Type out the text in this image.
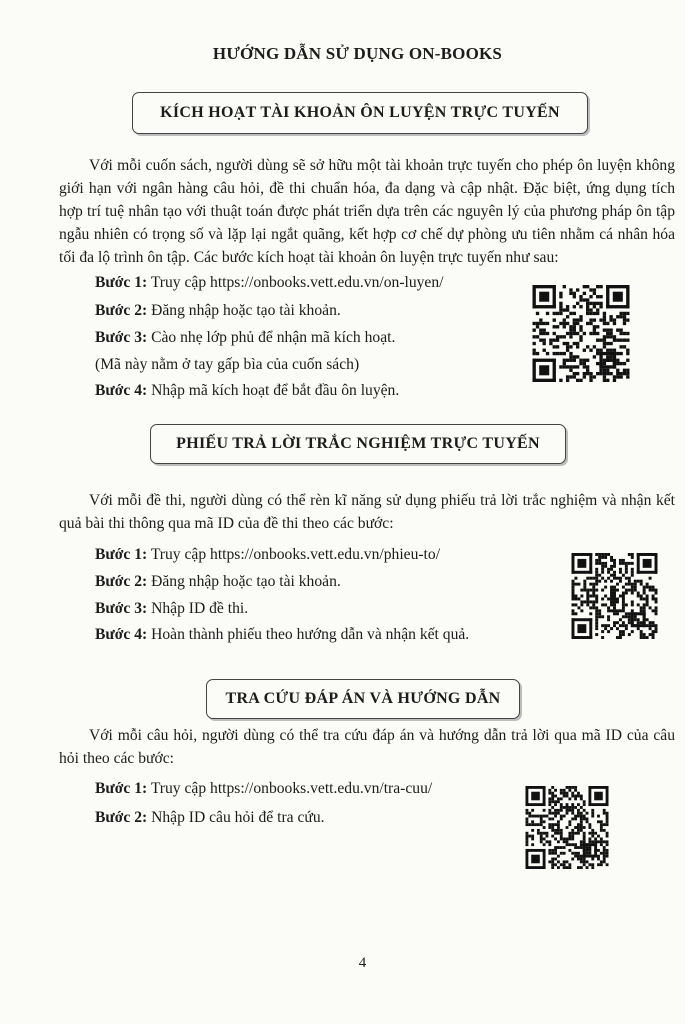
HƯỚNG DẪN SỬ DỤNG ON-BOOKS
KÍCH HOẠT TÀI KHOẢN ÔN LUYỆN TRỰC TUYẾN

Với mỗi cuốn sách, người dùng sẽ sở hữu một tài khoản trực tuyến cho phép ôn luyện không giới hạn với ngân hàng câu hỏi, đề thi chuẩn hóa, đa dạng và cập nhật. Đặc biệt, ứng dụng tích hợp trí tuệ nhân tạo với thuật toán được phát triển dựa trên các nguyên lý của phương pháp ôn tập ngẫu nhiên có trọng số và lặp lại ngắt quãng, kết hợp cơ chế dự phòng ưu tiên nhằm cá nhân hóa tối đa lộ trình ôn tập. Các bước kích hoạt tài khoản ôn luyện trực tuyến như sau:

Bước 1: Truy cập https://onbooks.vett.edu.vn/on-luyen/
Bước 2: Đăng nhập hoặc tạo tài khoản.
Bước 3: Cào nhẹ lớp phủ để nhận mã kích hoạt.
(Mã này nằm ở tay gấp bìa của cuốn sách)
Bước 4: Nhập mã kích hoạt để bắt đầu ôn luyện.
PHIẾU TRẢ LỜI TRẮC NGHIỆM TRỰC TUYẾN

Với mỗi đề thi, người dùng có thể rèn kĩ năng sử dụng phiếu trả lời trắc nghiệm và nhận kết quả bài thi thông qua mã ID của đề thi theo các bước:

Bước 1: Truy cập https://onbooks.vett.edu.vn/phieu-to/
Bước 2: Đăng nhập hoặc tạo tài khoản.
Bước 3: Nhập ID đề thi.
Bước 4: Hoàn thành phiếu theo hướng dẫn và nhận kết quả.
TRA CỨU ĐÁP ÁN VÀ HƯỚNG DẪN

Với mỗi câu hỏi, người dùng có thể tra cứu đáp án và hướng dẫn trả lời qua mã ID của câu hỏi theo các bước:

Bước 1: Truy cập https://onbooks.vett.edu.vn/tra-cuu/
Bước 2: Nhập ID câu hỏi để tra cứu.
4
